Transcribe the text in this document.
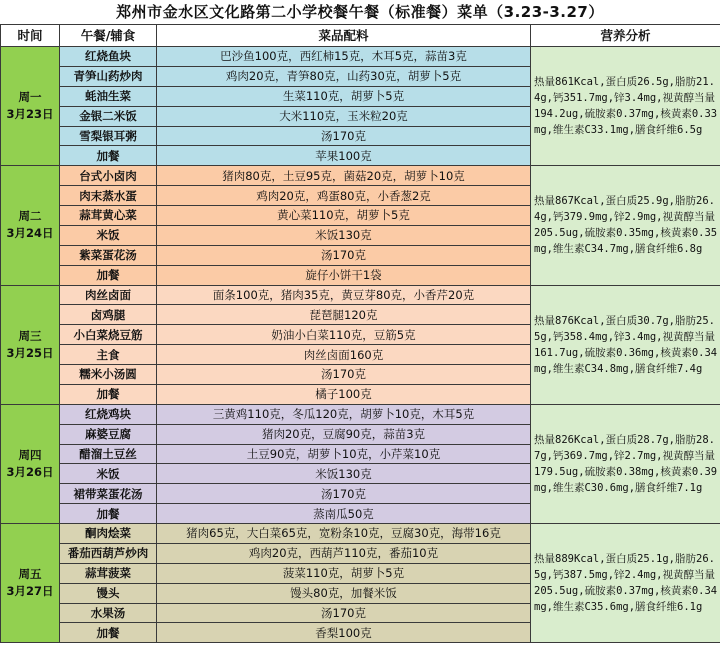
郑州市金水区文化路第二小学校餐午餐（标准餐）菜单（3.23-3.27）
时间	午餐/辅食	菜品配料	营养分析

周一
3月23日	红烧鱼块	巴沙鱼100克，西红柿15克，木耳5克，蒜苗3克	热量861Kcal,蛋白质26.5g,脂肪21.4g,钙351.7mg,锌3.4mg,视黄醇当量194.2ug,硫胺素0.37mg,核黄素0.33mg,维生素C33.1mg,膳食纤维6.5g
	青笋山药炒肉	鸡肉20克，青笋80克，山药30克，胡萝卜5克	
	蚝油生菜	生菜110克，胡萝卜5克	
	金银二米饭	大米110克，玉米粒20克	
	雪梨银耳粥	汤170克	
	加餐	苹果100克	

周二
3月24日	台式小卤肉	猪肉80克，土豆95克，菌菇20克，胡萝卜10克	热量867Kcal,蛋白质25.9g,脂肪26.4g,钙379.9mg,锌2.9mg,视黄醇当量205.5ug,硫胺素0.35mg,核黄素0.35mg,维生素C34.7mg,膳食纤维6.8g
	肉末蒸水蛋	鸡肉20克，鸡蛋80克，小香葱2克	
	蒜茸黄心菜	黄心菜110克，胡萝卜5克	
	米饭	米饭130克	
	紫菜蛋花汤	汤170克	
	加餐	旋仔小饼干1袋	

周三
3月25日	肉丝卤面	面条100克，猪肉35克，黄豆芽80克，小香芹20克	热量876Kcal,蛋白质30.7g,脂肪25.5g,钙358.4mg,锌3.4mg,视黄醇当量161.7ug,硫胺素0.36mg,核黄素0.34mg,维生素C34.8mg,膳食纤维7.4g
	卤鸡腿	琵琶腿120克	
	小白菜烧豆筋	奶油小白菜110克，豆筋5克	
	主食	肉丝卤面160克	
	糯米小汤圆	汤170克	
	加餐	橘子100克	

周四
3月26日	红烧鸡块	三黄鸡110克，冬瓜120克，胡萝卜10克，木耳5克	热量826Kcal,蛋白质28.7g,脂肪28.7g,钙369.7mg,锌2.7mg,视黄醇当量179.5ug,硫胺素0.38mg,核黄素0.39mg,维生素C30.6mg,膳食纤维7.1g
	麻婆豆腐	猪肉20克，豆腐90克，蒜苗3克	
	醋溜土豆丝	土豆90克，胡萝卜10克，小芹菜10克	
	米饭	米饭130克	
	裙带菜蛋花汤	汤170克	
	加餐	蒸南瓜50克	

周五
3月27日	酮肉烩菜	猪肉65克，大白菜65克，宽粉条10克，豆腐30克，海带16克	热量889Kcal,蛋白质25.1g,脂肪26.5g,钙387.5mg,锌2.4mg,视黄醇当量205.5ug,硫胺素0.37mg,核黄素0.34mg,维生素C35.6mg,膳食纤维6.1g
	番茄西葫芦炒肉	鸡肉20克，西葫芦110克，番茄10克	
	蒜茸菠菜	菠菜110克，胡萝卜5克	
	馒头	馒头80克，加餐米饭	
	水果汤	汤170克	
	加餐	香梨100克	
